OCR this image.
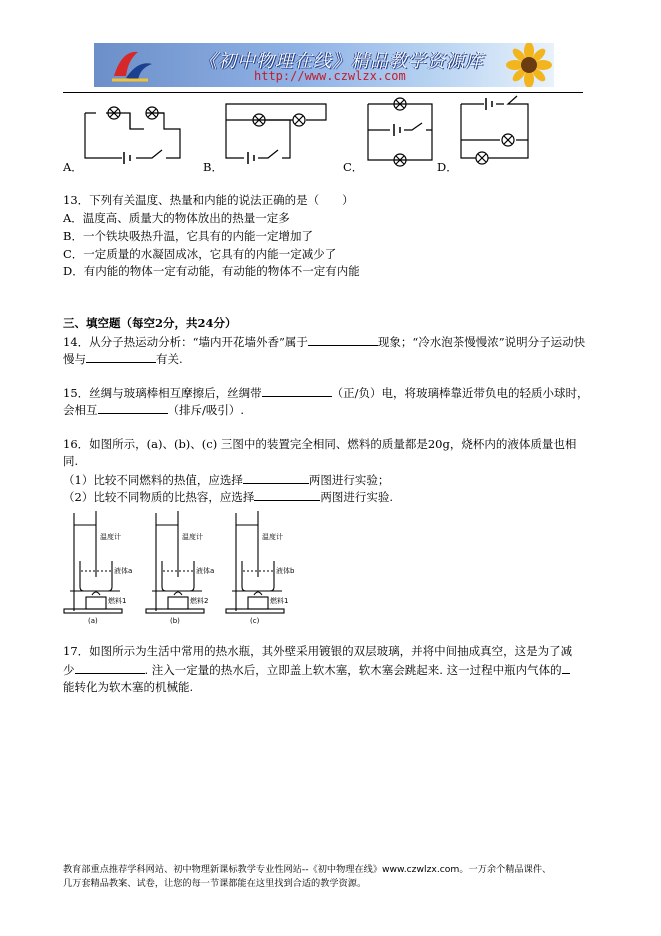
《初中物理在线》精品教学资源库
http://www.czwlzx.com
A．	B．	C．	D．
13．下列有关温度、热量和内能的说法正确的是（　　）
A．温度高、质量大的物体放出的热量一定多
B．一个铁块吸热升温，它具有的内能一定增加了
C．一定质量的水凝固成冰，它具有的内能一定减少了
D．有内能的物体一定有动能，有动能的物体不一定有内能
三、填空题（每空2分，共24分）
14．从分子热运动分析：“墙内开花墙外香”属于	现象；“冷水泡茶慢慢浓”说明分子运动快
慢与	有关.
15．丝绸与玻璃棒相互摩擦后，丝绸带	（正/负）电，将玻璃棒靠近带负电的轻质小球时，
会相互	（排斥/吸引）.
16．如图所示，(a)、(b)、(c) 三图中的装置完全相同、燃料的质量都是20g，烧杯内的液体质量也相
同.
（1）比较不同燃料的热值，应选择	两图进行实验；
（2）比较不同物质的比热容，应选择	两图进行实验.
温度计	温度计	温度计
液体a	液体a	液体b
燃料1	燃料2	燃料1
(a)	(b)	(c)
17．如图所示为生活中常用的热水瓶，其外壁采用镀银的双层玻璃，并将中间抽成真空，这是为了减
少	. 注入一定量的热水后，立即盖上软木塞，软木塞会跳起来. 这一过程中瓶内气体的
能转化为软木塞的机械能.
教育部重点推荐学科网站、初中物理新课标教学专业性网站--《初中物理在线》www.czwlzx.com。一万余个精品课件、
几万套精品教案、试卷，让您的每一节课都能在这里找到合适的教学资源。
